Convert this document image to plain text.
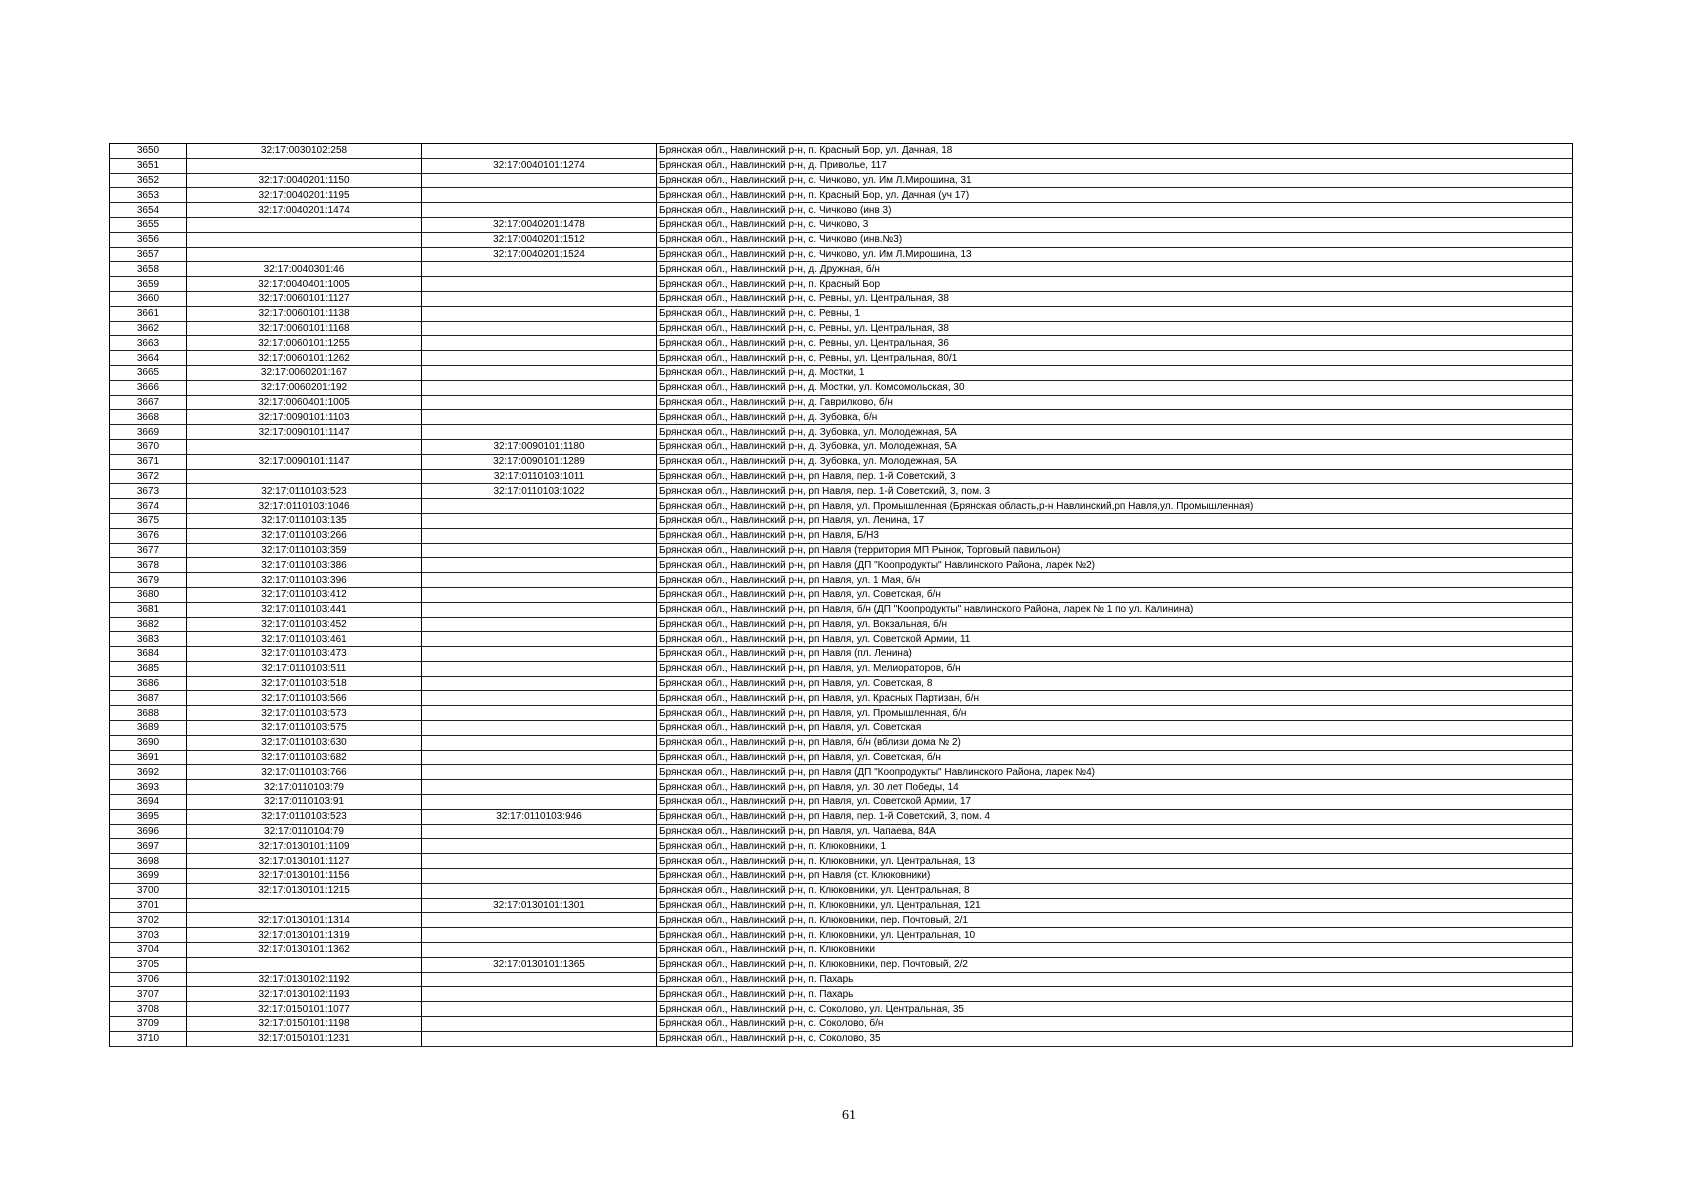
3650	32:17:0030102:258		Брянская обл., Навлинский р-н, п. Красный Бор, ул. Дачная, 18
3651		32:17:0040101:1274	Брянская обл., Навлинский р-н, д. Приволье, 117
3652	32:17:0040201:1150		Брянская обл., Навлинский р-н, с. Чичково, ул. Им Л.Мирошина, 31
3653	32:17:0040201:1195		Брянская обл., Навлинский р-н, п. Красный Бор, ул. Дачная (уч 17)
3654	32:17:0040201:1474		Брянская обл., Навлинский р-н, с. Чичково (инв 3)
3655		32:17:0040201:1478	Брянская обл., Навлинский р-н, с. Чичково, 3
3656		32:17:0040201:1512	Брянская обл., Навлинский р-н, с. Чичково (инв.№3)
3657		32:17:0040201:1524	Брянская обл., Навлинский р-н, с. Чичково, ул. Им Л.Мирошина, 13
3658	32:17:0040301:46		Брянская обл., Навлинский р-н, д. Дружная, б/н
3659	32:17:0040401:1005		Брянская обл., Навлинский р-н, п. Красный Бор
3660	32:17:0060101:1127		Брянская обл., Навлинский р-н, с. Ревны, ул. Центральная, 38
3661	32:17:0060101:1138		Брянская обл., Навлинский р-н, с. Ревны, 1
3662	32:17:0060101:1168		Брянская обл., Навлинский р-н, с. Ревны, ул. Центральная, 38
3663	32:17:0060101:1255		Брянская обл., Навлинский р-н, с. Ревны, ул. Центральная, 36
3664	32:17:0060101:1262		Брянская обл., Навлинский р-н, с. Ревны, ул. Центральная, 80/1
3665	32:17:0060201:167		Брянская обл., Навлинский р-н, д. Мостки, 1
3666	32:17:0060201:192		Брянская обл., Навлинский р-н, д. Мостки, ул. Комсомольская, 30
3667	32:17:0060401:1005		Брянская обл., Навлинский р-н, д. Гаврилково, б/н
3668	32:17:0090101:1103		Брянская обл., Навлинский р-н, д. Зубовка, б/н
3669	32:17:0090101:1147		Брянская обл., Навлинский р-н, д. Зубовка, ул. Молодежная, 5А
3670		32:17:0090101:1180	Брянская обл., Навлинский р-н, д. Зубовка, ул. Молодежная, 5А
3671	32:17:0090101:1147	32:17:0090101:1289	Брянская обл., Навлинский р-н, д. Зубовка, ул. Молодежная, 5А
3672		32:17:0110103:1011	Брянская обл., Навлинский р-н, рп Навля, пер. 1-й Советский, 3
3673	32:17:0110103:523	32:17:0110103:1022	Брянская обл., Навлинский р-н, рп Навля, пер. 1-й Советский, 3, пом. 3
3674	32:17:0110103:1046		Брянская обл., Навлинский р-н, рп Навля, ул. Промышленная (Брянская область,р-н Навлинский,рп Навля,ул. Промышленная)
3675	32:17:0110103:135		Брянская обл., Навлинский р-н, рп Навля, ул. Ленина, 17
3676	32:17:0110103:266		Брянская обл., Навлинский р-н, рп Навля, Б/Н3
3677	32:17:0110103:359		Брянская обл., Навлинский р-н, рп Навля (территория МП Рынок, Торговый павильон)
3678	32:17:0110103:386		Брянская обл., Навлинский р-н, рп Навля (ДП "Коопродукты" Навлинского Района, ларек №2)
3679	32:17:0110103:396		Брянская обл., Навлинский р-н, рп Навля, ул. 1 Мая, б/н
3680	32:17:0110103:412		Брянская обл., Навлинский р-н, рп Навля, ул. Советская, б/н
3681	32:17:0110103:441		Брянская обл., Навлинский р-н, рп Навля, б/н (ДП "Коопродукты" навлинского Района, ларек № 1 по ул. Калинина)
3682	32:17:0110103:452		Брянская обл., Навлинский р-н, рп Навля, ул. Вокзальная, б/н
3683	32:17:0110103:461		Брянская обл., Навлинский р-н, рп Навля, ул. Советской Армии, 11
3684	32:17:0110103:473		Брянская обл., Навлинский р-н, рп Навля (пл. Ленина)
3685	32:17:0110103:511		Брянская обл., Навлинский р-н, рп Навля, ул. Мелиораторов, б/н
3686	32:17:0110103:518		Брянская обл., Навлинский р-н, рп Навля, ул. Советская, 8
3687	32:17:0110103:566		Брянская обл., Навлинский р-н, рп Навля, ул. Красных Партизан, б/н
3688	32:17:0110103:573		Брянская обл., Навлинский р-н, рп Навля, ул. Промышленная, б/н
3689	32:17:0110103:575		Брянская обл., Навлинский р-н, рп Навля, ул. Советская
3690	32:17:0110103:630		Брянская обл., Навлинский р-н, рп Навля, б/н (вблизи дома № 2)
3691	32:17:0110103:682		Брянская обл., Навлинский р-н, рп Навля, ул. Советская, б/н
3692	32:17:0110103:766		Брянская обл., Навлинский р-н, рп Навля (ДП "Коопродукты" Навлинского Района, ларек №4)
3693	32:17:0110103:79		Брянская обл., Навлинский р-н, рп Навля, ул. 30 лет Победы, 14
3694	32:17:0110103:91		Брянская обл., Навлинский р-н, рп Навля, ул. Советской Армии, 17
3695	32:17:0110103:523	32:17:0110103:946	Брянская обл., Навлинский р-н, рп Навля, пер. 1-й Советский, 3, пом. 4
3696	32:17:0110104:79		Брянская обл., Навлинский р-н, рп Навля, ул. Чапаева, 84А
3697	32:17:0130101:1109		Брянская обл., Навлинский р-н, п. Клюковники, 1
3698	32:17:0130101:1127		Брянская обл., Навлинский р-н, п. Клюковники, ул. Центральная, 13
3699	32:17:0130101:1156		Брянская обл., Навлинский р-н, рп Навля (ст. Клюковники)
3700	32:17:0130101:1215		Брянская обл., Навлинский р-н, п. Клюковники, ул. Центральная, 8
3701		32:17:0130101:1301	Брянская обл., Навлинский р-н, п. Клюковники, ул. Центральная, 121
3702	32:17:0130101:1314		Брянская обл., Навлинский р-н, п. Клюковники, пер. Почтовый, 2/1
3703	32:17:0130101:1319		Брянская обл., Навлинский р-н, п. Клюковники, ул. Центральная, 10
3704	32:17:0130101:1362		Брянская обл., Навлинский р-н, п. Клюковники
3705		32:17:0130101:1365	Брянская обл., Навлинский р-н, п. Клюковники, пер. Почтовый, 2/2
3706	32:17:0130102:1192		Брянская обл., Навлинский р-н, п. Пахарь
3707	32:17:0130102:1193		Брянская обл., Навлинский р-н, п. Пахарь
3708	32:17:0150101:1077		Брянская обл., Навлинский р-н, с. Соколово, ул. Центральная, 35
3709	32:17:0150101:1198		Брянская обл., Навлинский р-н, с. Соколово, б/н
3710	32:17:0150101:1231		Брянская обл., Навлинский р-н, с. Соколово, 35
61
